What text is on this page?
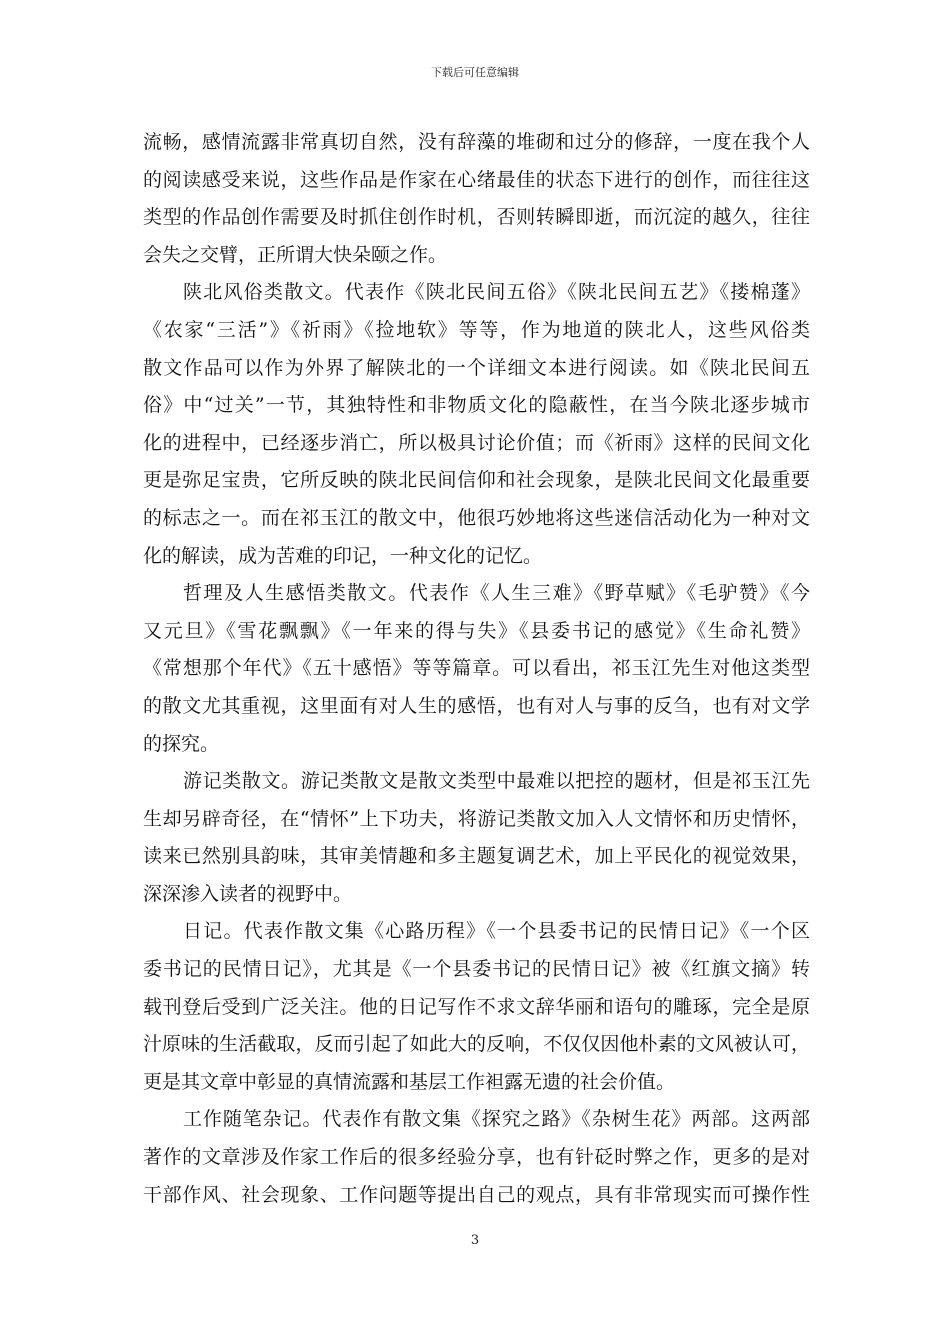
下载后可任意编辑
流畅，感情流露非常真切自然，没有辞藻的堆砌和过分的修辞，一度在我个人
的阅读感受来说，这些作品是作家在心绪最佳的状态下进行的创作，而往往这
类型的作品创作需要及时抓住创作时机，否则转瞬即逝，而沉淀的越久，往往
会失之交臂，正所谓大快朵颐之作。
陕北风俗类散文。代表作《陕北民间五俗》《陕北民间五艺》《搂棉蓬》
《农家“三活”》《祈雨》《捡地软》等等，作为地道的陕北人，这些风俗类
散文作品可以作为外界了解陕北的一个详细文本进行阅读。如《陕北民间五
俗》中“过关”一节，其独特性和非物质文化的隐蔽性，在当今陕北逐步城市
化的进程中，已经逐步消亡，所以极具讨论价值；而《祈雨》这样的民间文化
更是弥足宝贵，它所反映的陕北民间信仰和社会现象，是陕北民间文化最重要
的标志之一。而在祁玉江的散文中，他很巧妙地将这些迷信活动化为一种对文
化的解读，成为苦难的印记，一种文化的记忆。
哲理及人生感悟类散文。代表作《人生三难》《野草赋》《毛驴赞》《今
又元旦》《雪花飘飘》《一年来的得与失》《县委书记的感觉》《生命礼赞》
《常想那个年代》《五十感悟》等等篇章。可以看出，祁玉江先生对他这类型
的散文尤其重视，这里面有对人生的感悟，也有对人与事的反刍，也有对文学
的探究。
游记类散文。游记类散文是散文类型中最难以把控的题材，但是祁玉江先
生却另辟奇径，在“情怀”上下功夫，将游记类散文加入人文情怀和历史情怀，
读来已然别具韵味，其审美情趣和多主题复调艺术，加上平民化的视觉效果，
深深渗入读者的视野中。
日记。代表作散文集《心路历程》《一个县委书记的民情日记》《一个区
委书记的民情日记》，尤其是《一个县委书记的民情日记》被《红旗文摘》转
载刊登后受到广泛关注。他的日记写作不求文辞华丽和语句的雕琢，完全是原
汁原味的生活截取，反而引起了如此大的反响，不仅仅因他朴素的文风被认可，
更是其文章中彰显的真情流露和基层工作袒露无遗的社会价值。
工作随笔杂记。代表作有散文集《探究之路》《杂树生花》两部。这两部
著作的文章涉及作家工作后的很多经验分享，也有针砭时弊之作，更多的是对
干部作风、社会现象、工作问题等提出自己的观点，具有非常现实而可操作性
3
